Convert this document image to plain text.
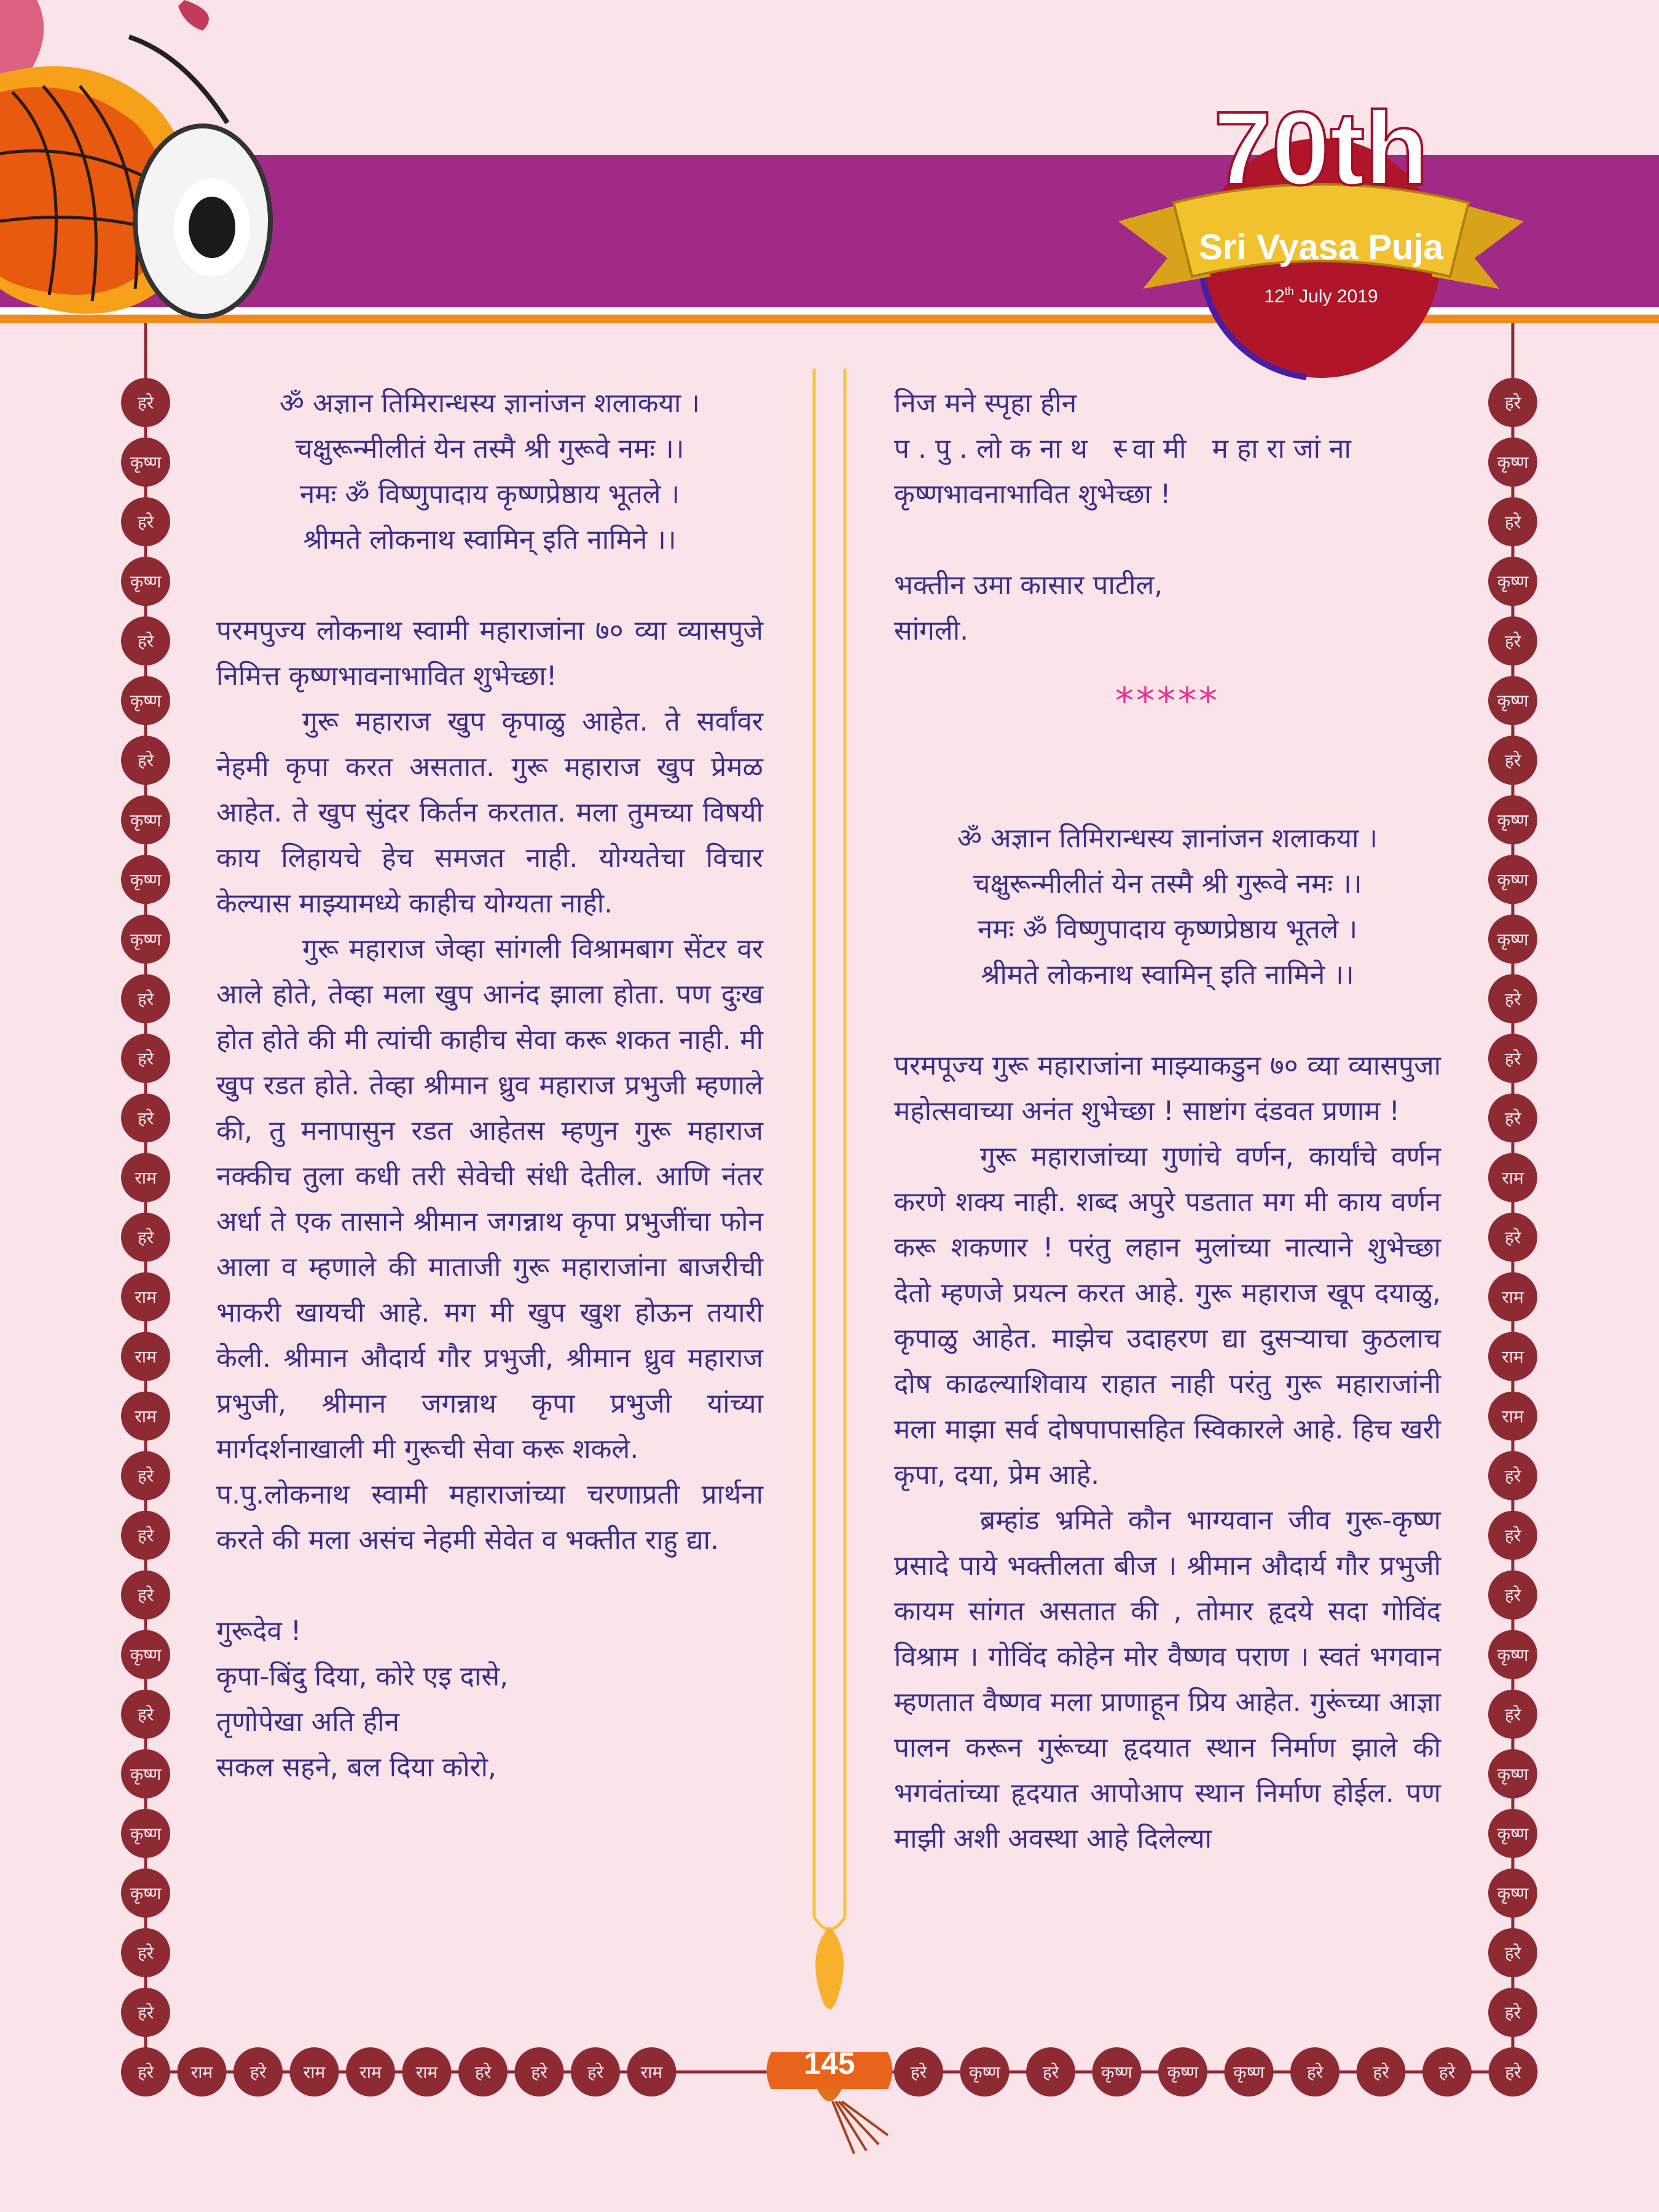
70th
Sri Vyasa Puja
12th July 2019
हरे
कृष्ण
हरे
कृष्ण
हरे
कृष्ण
हरे
कृष्ण
कृष्ण
कृष्ण
हरे
हरे
हरे
राम
हरे
राम
राम
राम
हरे
हरे
हरे
कृष्ण
हरे
कृष्ण
कृष्ण
कृष्ण
हरे
हरे
हरे
कृष्ण
हरे
कृष्ण
हरे
कृष्ण
हरे
कृष्ण
कृष्ण
कृष्ण
हरे
हरे
हरे
राम
हरे
राम
राम
राम
हरे
हरे
हरे
कृष्ण
हरे
कृष्ण
कृष्ण
कृष्ण
हरे
हरे
हरे राम हरे राम राम राम हरे हरे हरे राम	हरे कृष्ण हरे कृष्ण कृष्ण कृष्ण हरे	हरे	हरे	हरे

ॐ अज्ञान तिमिरान्धस्य ज्ञानांजन शलाकया ।

चक्षुरून्मीलीतं येन तस्मै श्री गुरूवे नमः ।।

नमः ॐ विष्णुपादाय कृष्णप्रेष्ठाय भूतले ।

श्रीमते लोकनाथ स्वामिन् इति नामिने ।।

परमपुज्य लोकनाथ स्वामी महाराजांना ७० व्या व्यासपुजे निमित्त कृष्णभावनाभावित शुभेच्छा!

गुरू महाराज खुप कृपाळु आहेत. ते सर्वांवर नेहमी कृपा करत असतात. गुरू महाराज खुप प्रेमळ आहेत. ते खुप सुंदर किर्तन करतात. मला तुमच्या विषयी काय लिहायचे हेच समजत नाही. योग्यतेचा विचार केल्यास माझ्यामध्ये काहीच योग्यता नाही.

गुरू महाराज जेव्हा सांगली विश्रामबाग सेंटर वर आले होते, तेव्हा मला खुप आनंद झाला होता. पण दुःख होत होते की मी त्यांची काहीच सेवा करू शकत नाही. मी खुप रडत होते. तेव्हा श्रीमान ध्रुव महाराज प्रभुजी म्हणाले की, तु मनापासुन रडत आहेतस म्हणुन गुरू महाराज नक्कीच तुला कधी तरी सेवेची संधी देतील. आणि नंतर अर्धा ते एक तासाने श्रीमान जगन्नाथ कृपा प्रभुजींचा फोन आला व म्हणाले की माताजी गुरू महाराजांना बाजरीची भाकरी खायची आहे. मग मी खुप खुश होऊन तयारी केली. श्रीमान औदार्य गौर प्रभुजी, श्रीमान ध्रुव महाराज प्रभुजी, श्रीमान जगन्नाथ कृपा प्रभुजी यांच्या मार्गदर्शनाखाली मी गुरूची सेवा करू शकले.

प.पु.लोकनाथ स्वामी महाराजांच्या चरणाप्रती प्रार्थना करते की मला असंच नेहमी सेवेत व भक्तीत राहु द्या.

गुरूदेव !

कृपा-बिंदु दिया, कोरे एइ दासे,

तृणोपेखा अति हीन

सकल सहने, बल दिया कोरो,

निज मने स्पृहा हीन

प.पु.लोकनाथ स्वामी महाराजांना

कृष्णभावनाभावित शुभेच्छा !

भक्तीन उमा कासार पाटील,

सांगली.

*****

ॐ अज्ञान तिमिरान्धस्य ज्ञानांजन शलाकया ।

चक्षुरून्मीलीतं येन तस्मै श्री गुरूवे नमः ।।

नमः ॐ विष्णुपादाय कृष्णप्रेष्ठाय भूतले ।

श्रीमते लोकनाथ स्वामिन् इति नामिने ।।

परमपूज्य गुरू महाराजांना माझ्याकडुन ७० व्या व्यासपुजा महोत्सवाच्या अनंत शुभेच्छा ! साष्टांग दंडवत प्रणाम !

गुरू महाराजांच्या गुणांचे वर्णन, कार्यांचे वर्णन करणे शक्य नाही. शब्द अपुरे पडतात मग मी काय वर्णन करू शकणार ! परंतु लहान मुलांच्या नात्याने शुभेच्छा देतो म्हणजे प्रयत्न करत आहे. गुरू महाराज खूप दयाळु, कृपाळु आहेत. माझेच उदाहरण द्या दुसऱ्याचा कुठलाच दोष काढल्याशिवाय राहात नाही परंतु गुरू महाराजांनी मला माझा सर्व दोषपापासहित स्विकारले आहे. हिच खरी कृपा, दया, प्रेम आहे.

ब्रम्हांड भ्रमिते कौन भाग्यवान जीव गुरू-कृष्ण प्रसादे पाये भक्तीलता बीज । श्रीमान औदार्य गौर प्रभुजी कायम सांगत असतात की , तोमार हृदये सदा गोविंद विश्राम । गोविंद कोहेन मोर वैष्णव पराण । स्वतं भगवान म्हणतात वैष्णव मला प्राणाहून प्रिय आहेत. गुरूंच्या आज्ञा पालन करून गुरूंच्या हृदयात स्थान निर्माण झाले की भगवंतांच्या हृदयात आपोआप स्थान निर्माण होईल. पण माझी अशी अवस्था आहे दिलेल्या

145
